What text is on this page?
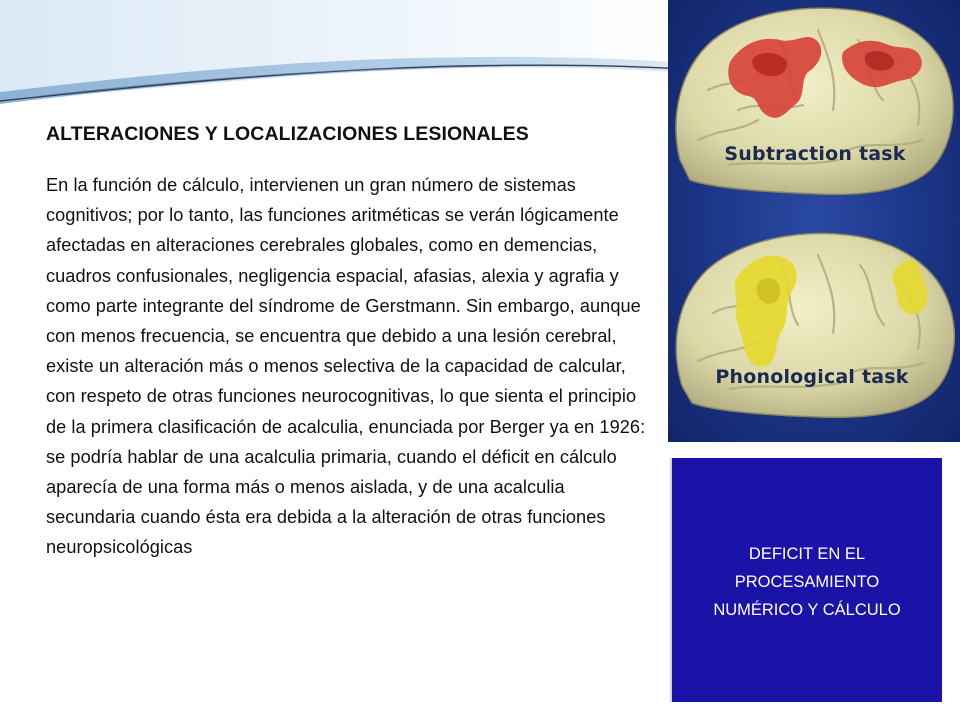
ALTERACIONES Y LOCALIZACIONES LESIONALES

En la función de cálculo, intervienen un gran número de sistemas cognitivos; por lo tanto, las funciones aritméticas se verán lógicamente afectadas en alteraciones cerebrales globales, como en demencias, cuadros confusionales, negligencia espacial, afasias, alexia y agrafia y como parte integrante del síndrome de Gerstmann. Sin embargo, aunque con menos frecuencia, se encuentra que debido a una lesión cerebral, existe un alteración más o menos selectiva de la capacidad de calcular, con respeto de otras funciones neurocognitivas, lo que sienta el principio de la primera clasificación de acalculia, enunciada por Berger ya en 1926: se podría hablar de una acalculia primaria, cuando el déficit en cálculo aparecía de una forma más o menos aislada, y de una acalculia secundaria cuando ésta era debida a la alteración de otras funciones neuropsicológicas

Subtraction task
Phonological task
DEFICIT EN EL
PROCESAMIENTO
NUMÉRICO Y CÁLCULO
